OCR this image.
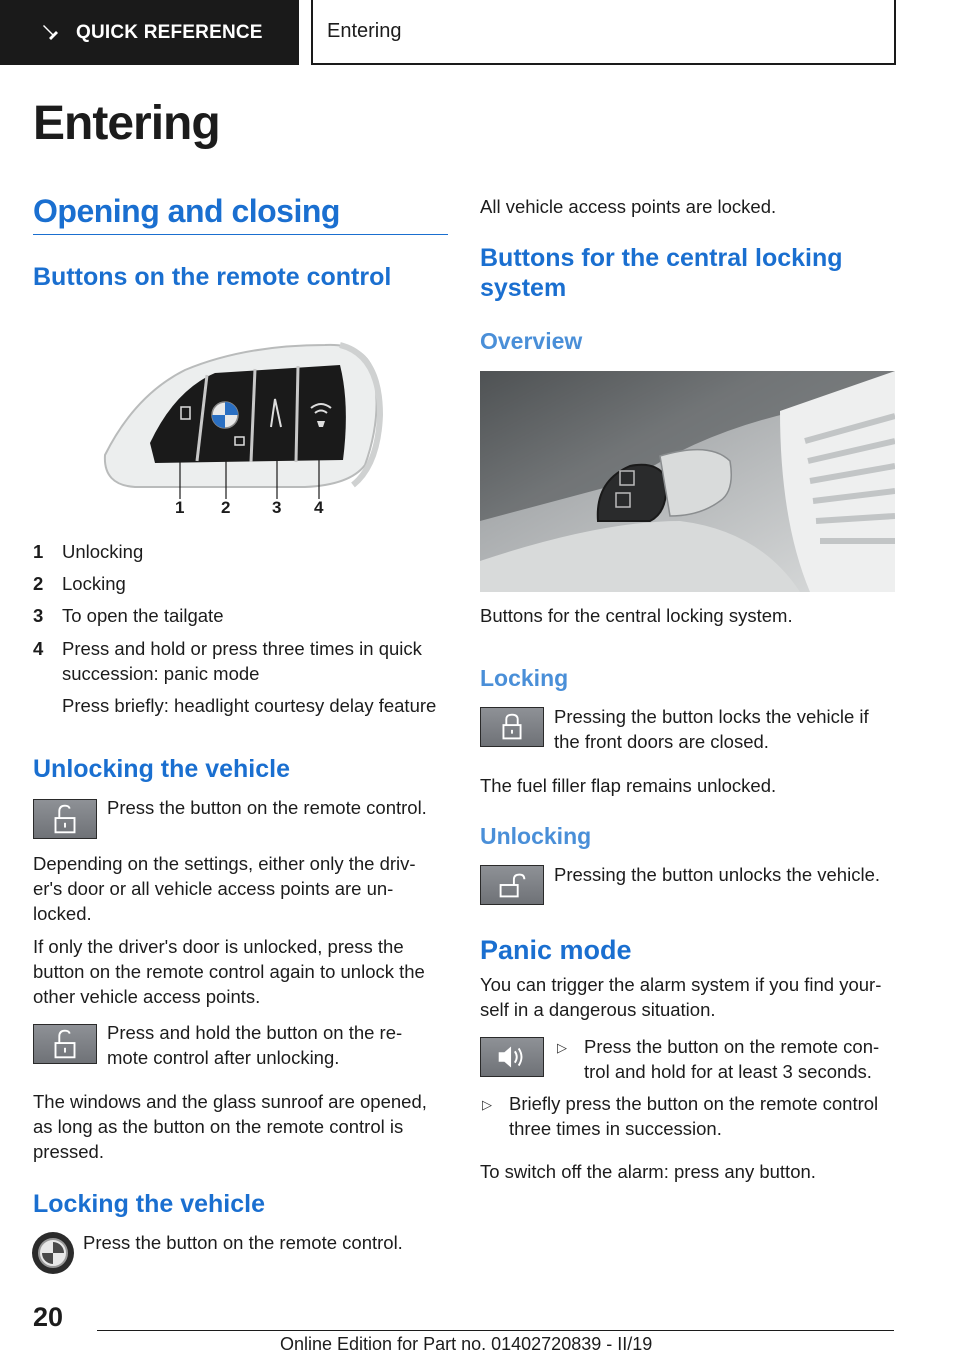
QUICK REFERENCE	Entering
Entering
Opening and closing
Buttons on the remote control
1 2 3 4
1 Unlocking
2 Locking
3 To open the tailgate
4 Press and hold or press three times in quick succession: panic mode
Press briefly: headlight courtesy delay feature
Unlocking the vehicle
Press the button on the remote control.
Depending on the settings, either only the driv-er's door or all vehicle access points are un-locked.
If only the driver's door is unlocked, press the button on the remote control again to unlock the other vehicle access points.
Press and hold the button on the re-mote control after unlocking.
The windows and the glass sunroof are opened, as long as the button on the remote control is pressed.
Locking the vehicle
Press the button on the remote control.
All vehicle access points are locked.
Buttons for the central locking system
Overview
Buttons for the central locking system.
Locking
Pressing the button locks the vehicle if the front doors are closed.
The fuel filler flap remains unlocked.
Unlocking
Pressing the button unlocks the vehicle.
Panic mode
You can trigger the alarm system if you find your-self in a dangerous situation.
▷ Press the button on the remote con-trol and hold for at least 3 seconds.
▷ Briefly press the button on the remote control three times in succession.
To switch off the alarm: press any button.
20
Online Edition for Part no. 01402720839 - II/19
